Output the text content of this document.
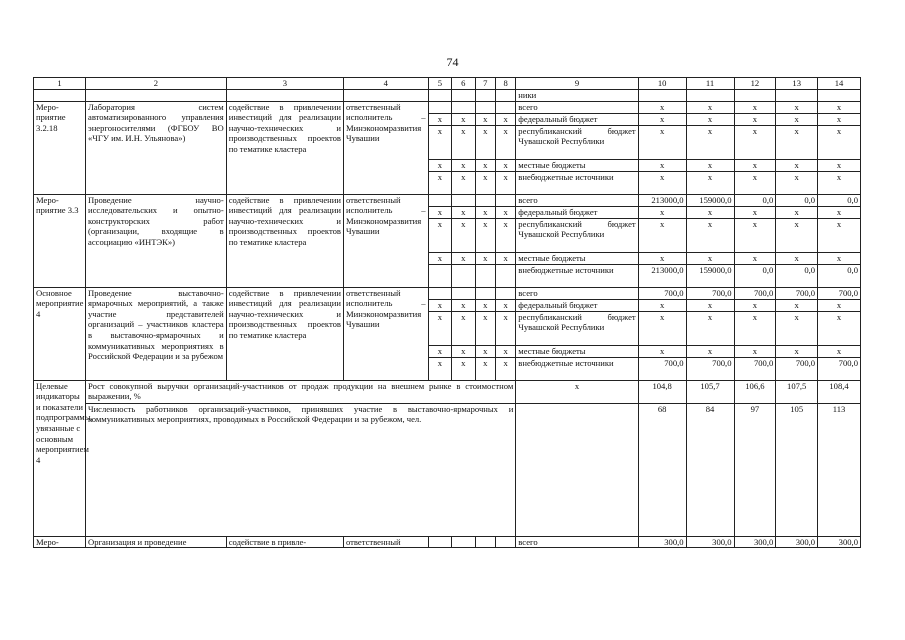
74
1	2	3	4	5	6	7	8	9	10	11	12	13	14
								ники					
Меро-приятие 3.2.18	Лаборатория систем автоматизированного управления энергоносителями (ФГБОУ ВО «ЧГУ им. И.Н. Ульянова»)	содействие в привлечении инвестиций для реализации научно-технических и производственных проектов по тематике кластера	ответственный исполнитель – Минэкономразвития Чувашии					всего	x	x	x	x	x
				x	x	x	x	федеральный бюджет	x	x	x	x	x
				x	x	x	x	республиканский бюджет Чувашской Республики	x	x	x	x	x
				x	x	x	x	местные бюджеты	x	x	x	x	x
				x	x	x	x	внебюджетные источники	x	x	x	x	x
Меро-приятие 3.3	Проведение научно-исследовательских и опытно-конструкторских работ (организации, входящие в ассоциацию «ИНТЭК»)	содействие в привлечении инвестиций для реализации научно-технических и производственных проектов по тематике кластера	ответственный исполнитель – Минэкономразвития Чувашии					всего	213000,0	159000,0	0,0	0,0	0,0
				x	x	x	x	федеральный бюджет	x	x	x	x	x
				x	x	x	x	республиканский бюджет Чувашской Республики	x	x	x	x	x
				x	x	x	x	местные бюджеты	x	x	x	x	x
								внебюджетные источники	213000,0	159000,0	0,0	0,0	0,0
Основное мероприятие 4	Проведение выставочно-ярмарочных мероприятий, а также участие представителей организаций – участников кластера в выставочно-ярмарочных и коммуникативных мероприятиях в Российской Федерации и за рубежом	содействие в привлечении инвестиций для реализации научно-технических и производственных проектов по тематике кластера	ответственный исполнитель – Минэкономразвития Чувашии					всего	700,0	700,0	700,0	700,0	700,0
				x	x	x	x	федеральный бюджет	x	x	x	x	x
				x	x	x	x	республиканский бюджет Чувашской Республики	x	x	x	x	x
				x	x	x	x	местные бюджеты	x	x	x	x	x
				x	x	x	x	внебюджетные источники	700,0	700,0	700,0	700,0	700,0
Целевые индикаторы и показатели подпрограммы, увязанные с основным мероприятием 4	Рост совокупной выручки организаций-участников от продаж продукции на внешнем рынке в стоимостном выражении, %							x	104,8	105,7	106,6	107,5	108,4
	Численность работников организаций-участников, принявших участие в выставочно-ярмарочных и коммуникативных мероприятиях, проводимых в Российской Федерации и за рубежом, чел.								68	84	97	105	113
Меро-	Организация и проведение	содействие в привле-	ответственный					всего	300,0	300,0	300,0	300,0	300,0
